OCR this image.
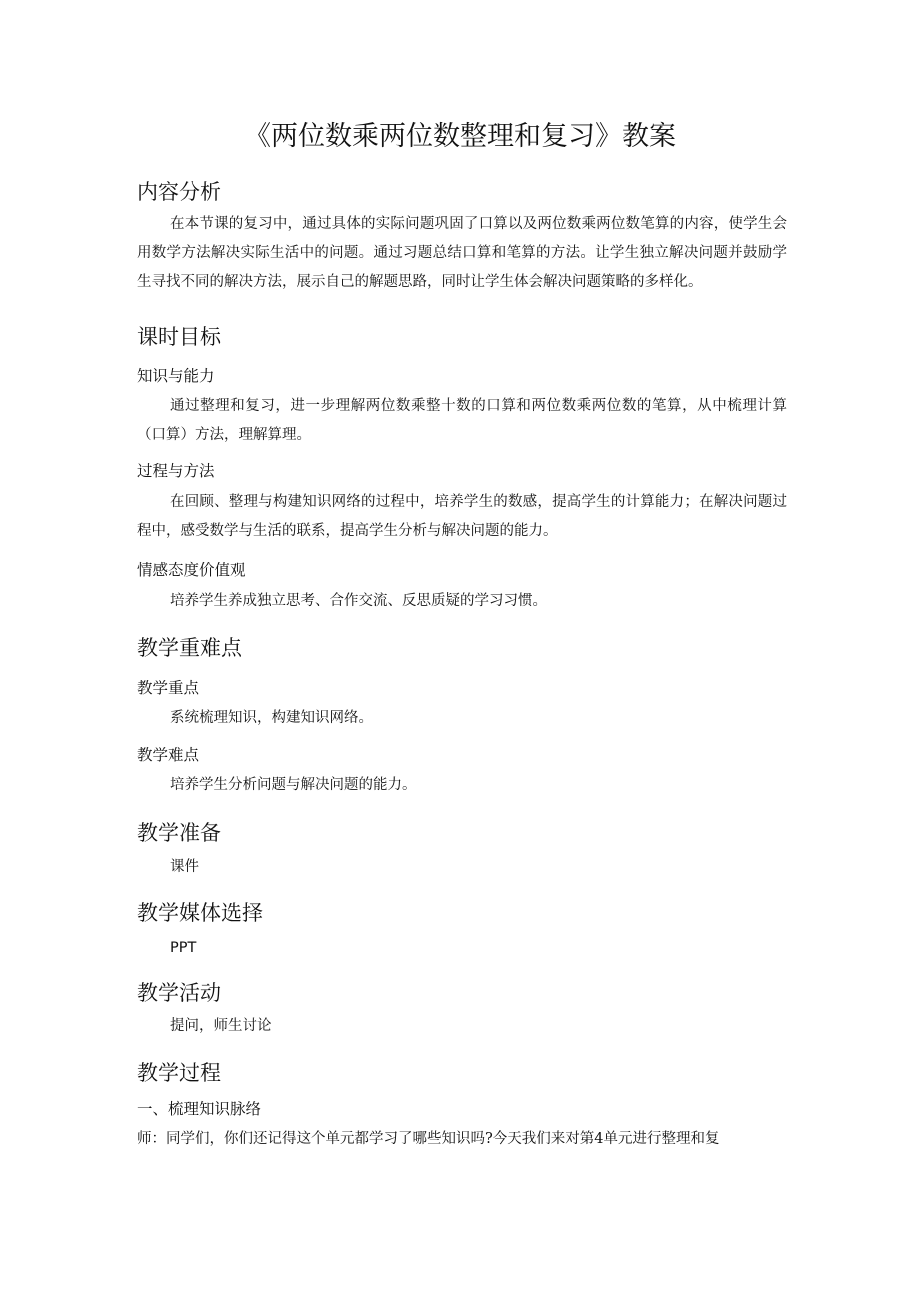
《两位数乘两位数整理和复习》教案
内容分析
在本节课的复习中，通过具体的实际问题巩固了口算以及两位数乘两位数笔算的内容，使学生会用数学方法解决实际生活中的问题。通过习题总结口算和笔算的方法。让学生独立解决问题并鼓励学生寻找不同的解决方法，展示自己的解题思路，同时让学生体会解决问题策略的多样化。
课时目标
知识与能力
通过整理和复习，进一步理解两位数乘整十数的口算和两位数乘两位数的笔算，从中梳理计算（口算）方法，理解算理。
过程与方法
在回顾、整理与构建知识网络的过程中，培养学生的数感，提高学生的计算能力；在解决问题过程中，感受数学与生活的联系，提高学生分析与解决问题的能力。
情感态度价值观
培养学生养成独立思考、合作交流、反思质疑的学习习惯。
教学重难点
教学重点
系统梳理知识，构建知识网络。
教学难点
培养学生分析问题与解决问题的能力。
教学准备
课件
教学媒体选择
PPT
教学活动
提问，师生讨论
教学过程
一、梳理知识脉络
师：同学们，你们还记得这个单元都学习了哪些知识吗?今天我们来对第4单元进行整理和复
